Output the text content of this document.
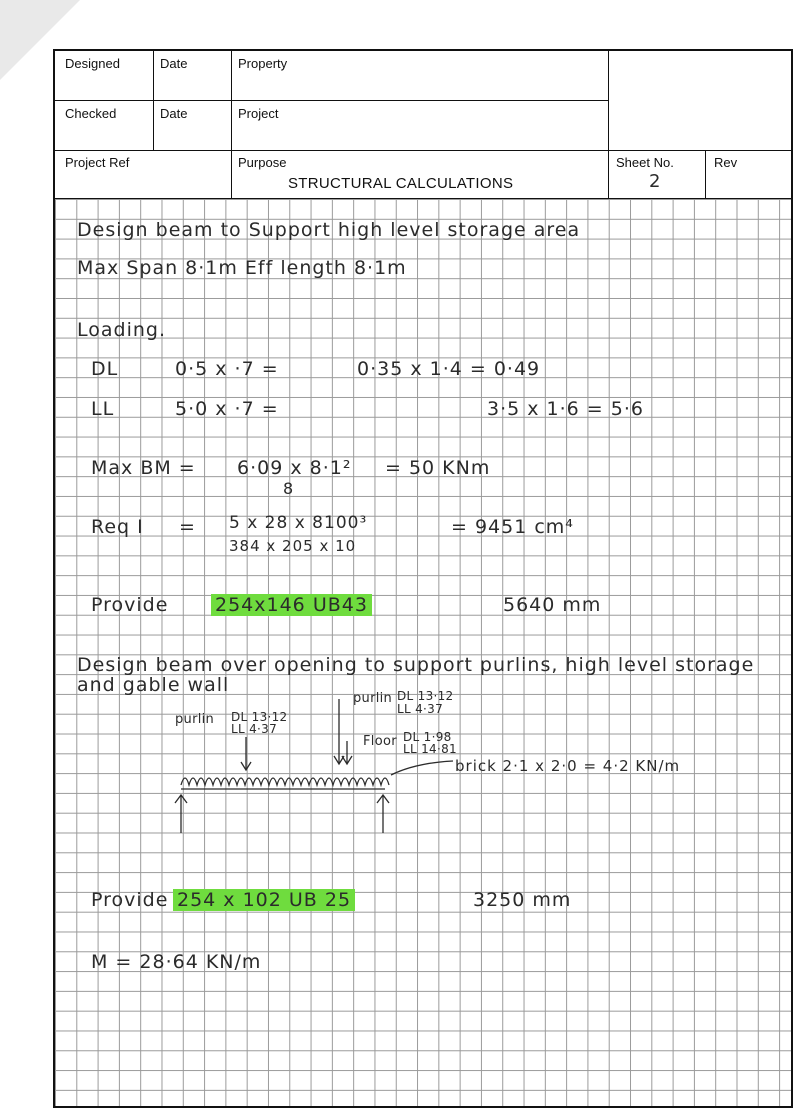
Designed	Date	Property
Checked	Date	Project
Project Ref	Purpose
STRUCTURAL CALCULATIONS
Sheet No.
2
Rev
Design beam to Support high level storage area
Max Span 8·1m Eff length 8·1m
Loading.
DL	0·5 x ·7 =	0·35 x 1·4 = 0·49
LL	5·0 x ·7 =	3·5 x 1·6 = 5·6
Max BM = 6·09 x 8·1²
8
= 50 KNm
Req I = 5 x 28 x 8100³
384 x 205 x 10
= 9451 cm⁴
Provide 254x146 UB43	5640 mm
Design beam over opening to support purlins, high level storage
and gable wall
purlin DL 13·12
LL 4·37
purlin DL 13·12
LL 4·37
Floor DL 1·98
LL 14·81
brick 2·1 x 2·0 = 4·2 KN/m
Provide 254 x 102 UB 25	3250 mm
M = 28·64 KN/m
